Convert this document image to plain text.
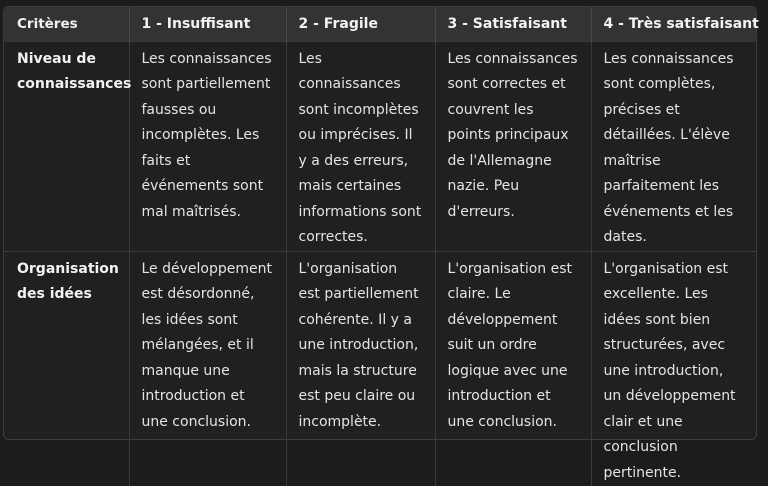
Critères	1 - Insuffisant	2 - Fragile	3 - Satisfaisant	4 - Très satisfaisant
Niveau de connaissances	Les connaissances sont partiellement fausses ou incomplètes. Les faits et événements sont mal maîtrisés.	Les connaissances sont incomplètes ou imprécises. Il y a des erreurs, mais certaines informations sont correctes.	Les connaissances sont correctes et couvrent les points principaux de l'Allemagne nazie. Peu d'erreurs.	Les connaissances sont complètes, précises et détaillées. L'élève maîtrise parfaitement les événements et les dates.
Organisation des idées	Le développement est désordonné, les idées sont mélangées, et il manque une introduction et une conclusion.	L'organisation est partiellement cohérente. Il y a une introduction, mais la structure est peu claire ou incomplète.	L'organisation est claire. Le développement suit un ordre logique avec une introduction et une conclusion.	L'organisation est excellente. Les idées sont bien structurées, avec une introduction, un développement clair et une conclusion pertinente.
